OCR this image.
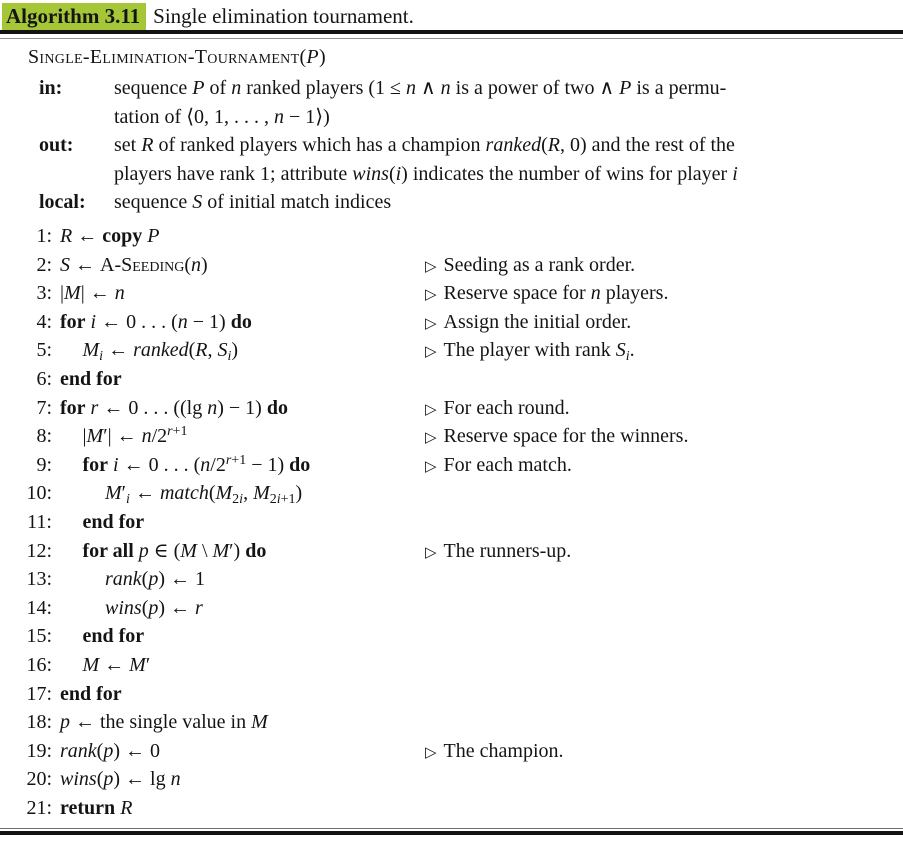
Algorithm 3.11 Single elimination tournament.
Single-Elimination-Tournament(P)
in:	sequence P of n ranked players (1 ≤ n ∧ n is a power of two ∧ P is a permu-
tation of ⟨0, 1, . . . , n − 1⟩)
out:	set R of ranked players which has a champion ranked(R, 0) and the rest of the
players have rank 1; attribute wins(i) indicates the number of wins for player i
local:	sequence S of initial match indices
1: R ← copy P
2: S ← A-Seeding(n)	▷ Seeding as a rank order.
3: |M| ← n	▷ Reserve space for n players.
4: for i ← 0 . . . (n − 1) do	▷ Assign the initial order.
5: $M_i$ ← ranked(R, $S_i$)	▷ The player with rank $S_i$.
6: end for
7: for r ← 0 . . . ((lg n) − 1) do	▷ For each round.
8: |M′| ← $n/2^{r+1}$	▷ Reserve space for the winners.
9: for i ← 0 . . . $(n/2^{r+1} - 1)$ do	▷ For each match.
10:	$M'_i$ ← $match(M_{2i}$, $M_{2i+1}$)
11: end for
12: for all p ∈ (M \ M′) do	▷ The runners-up.
13:	rank(p) ← 1
14:	wins(p) ← r
15: end for
16: M ← M′
17: end for
18: p ← the single value in M
19: rank(p) ← 0	▷ The champion.
20: wins(p) ← lg n
21: return R
